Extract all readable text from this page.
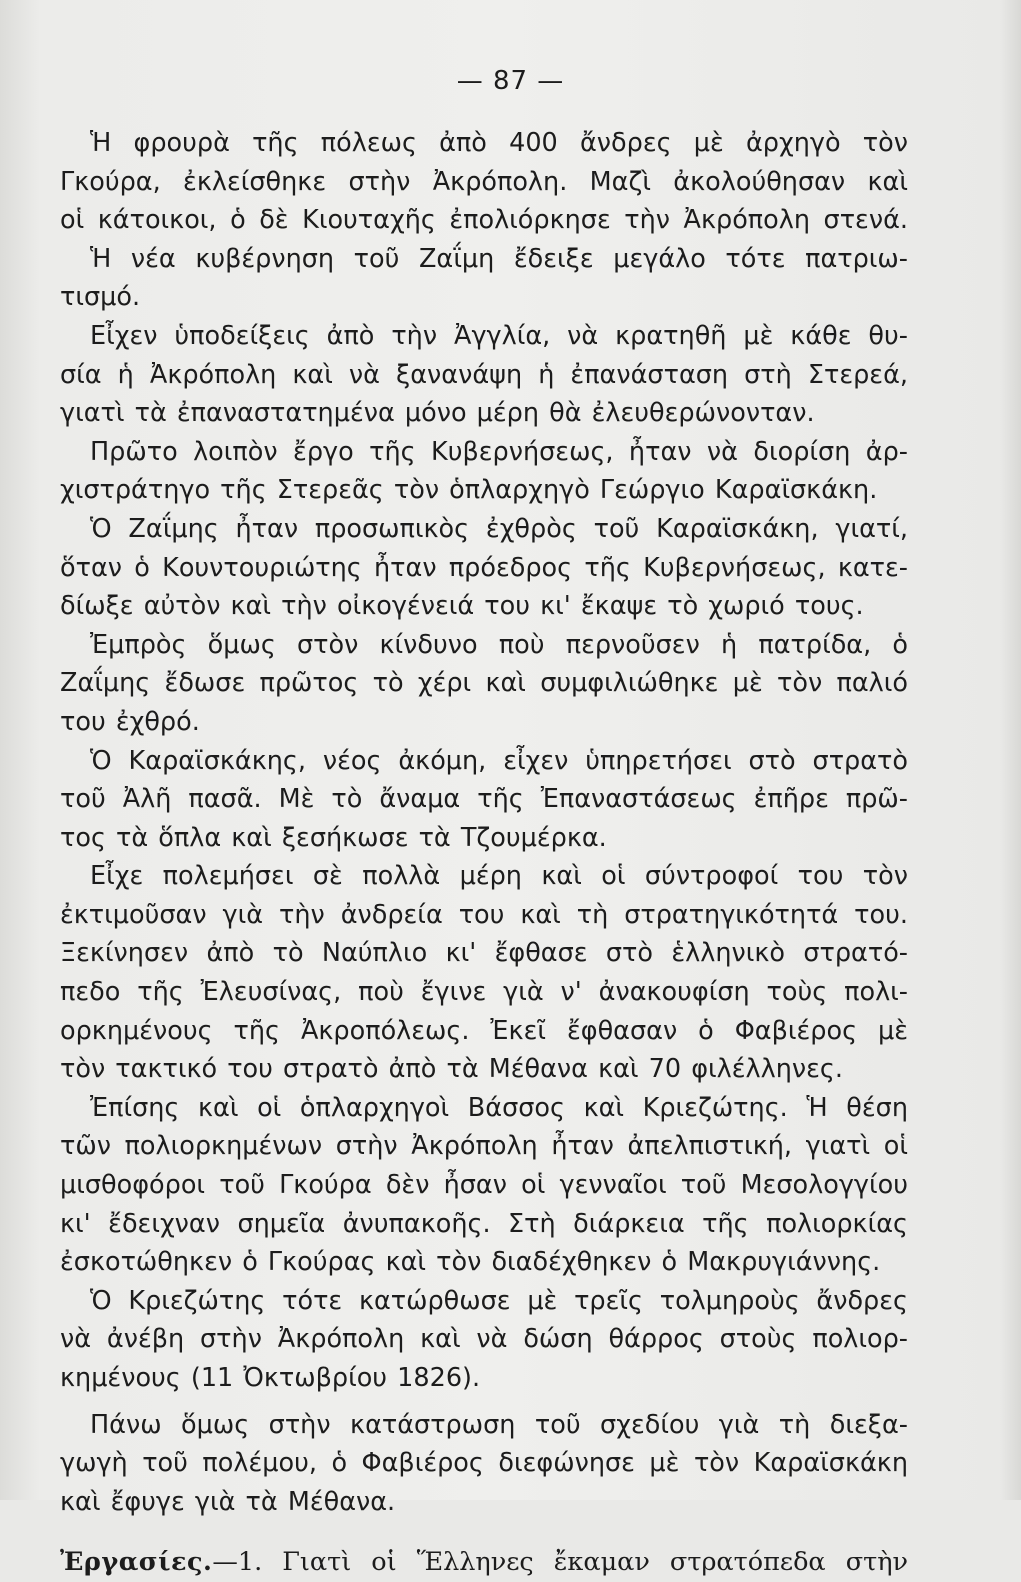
— 87 —
Ἡ φρουρὰ τῆς πόλεως ἀπὸ 400 ἄνδρες μὲ ἀρχηγὸ τὸν
Γκούρα, ἐκλείσθηκε στὴν Ἀκρόπολη. Μαζὶ ἀκολούθησαν καὶ
οἱ κάτοικοι, ὁ δὲ Κιουταχῆς ἐπολιόρκησε τὴν Ἀκρόπολη στενά.
Ἡ νέα κυβέρνηση τοῦ Ζαΐμη ἔδειξε μεγάλο τότε πατριω-
τισμό.
Εἶχεν ὑποδείξεις ἀπὸ τὴν Ἀγγλία, νὰ κρατηθῆ μὲ κάθε θυ-
σία ἡ Ἀκρόπολη καὶ νὰ ξανανάψη ἡ ἐπανάσταση στὴ Στερεά,
γιατὶ τὰ ἐπαναστατημένα μόνο μέρη θὰ ἐλευθερώνονταν.
Πρῶτο λοιπὸν ἔργο τῆς Κυβερνήσεως, ἦταν νὰ διορίση ἀρ-
χιστράτηγο τῆς Στερεᾶς τὸν ὁπλαρχηγὸ Γεώργιο Καραϊσκάκη.
Ὁ Ζαΐμης ἦταν προσωπικὸς ἐχθρὸς τοῦ Καραϊσκάκη, γιατί,
ὅταν ὁ Κουντουριώτης ἦταν πρόεδρος τῆς Κυβερνήσεως, κατε-
δίωξε αὐτὸν καὶ τὴν οἰκογένειά του κι' ἔκαψε τὸ χωριό τους.
Ἐμπρὸς ὅμως στὸν κίνδυνο ποὺ περνοῦσεν ἡ πατρίδα, ὁ
Ζαΐμης ἔδωσε πρῶτος τὸ χέρι καὶ συμφιλιώθηκε μὲ τὸν παλιό
του ἐχθρό.
Ὁ Καραϊσκάκης, νέος ἀκόμη, εἶχεν ὑπηρετήσει στὸ στρατὸ
τοῦ Ἀλῆ πασᾶ. Μὲ τὸ ἄναμα τῆς Ἐπαναστάσεως ἐπῆρε πρῶ-
τος τὰ ὅπλα καὶ ξεσήκωσε τὰ Τζουμέρκα.
Εἶχε πολεμήσει σὲ πολλὰ μέρη καὶ οἱ σύντροφοί του τὸν
ἐκτιμοῦσαν γιὰ τὴν ἀνδρεία του καὶ τὴ στρατηγικότητά του.
Ξεκίνησεν ἀπὸ τὸ Ναύπλιο κι' ἔφθασε στὸ ἑλληνικὸ στρατό-
πεδο τῆς Ἐλευσίνας, ποὺ ἔγινε γιὰ ν' ἀνακουφίση τοὺς πολι-
ορκημένους τῆς Ἀκροπόλεως. Ἐκεῖ ἔφθασαν ὁ Φαβιέρος μὲ
τὸν τακτικό του στρατὸ ἀπὸ τὰ Μέθανα καὶ 70 φιλέλληνες.
Ἐπίσης καὶ οἱ ὁπλαρχηγοὶ Βάσσος καὶ Κριεζώτης. Ἡ θέση
τῶν πολιορκημένων στὴν Ἀκρόπολη ἦταν ἀπελπιστική, γιατὶ οἱ
μισθοφόροι τοῦ Γκούρα δὲν ἦσαν οἱ γενναῖοι τοῦ Μεσολογγίου
κι' ἔδειχναν σημεῖα ἀνυπακοῆς. Στὴ διάρκεια τῆς πολιορκίας
ἐσκοτώθηκεν ὁ Γκούρας καὶ τὸν διαδέχθηκεν ὁ Μακρυγιάννης.
Ὁ Κριεζώτης τότε κατώρθωσε μὲ τρεῖς τολμηροὺς ἄνδρες
νὰ ἀνέβη στὴν Ἀκρόπολη καὶ νὰ δώση θάρρος στοὺς πολιορ-
κημένους (11 Ὀκτωβρίου 1826).
Πάνω ὅμως στὴν κατάστρωση τοῦ σχεδίου γιὰ τὴ διεξα-
γωγὴ τοῦ πολέμου, ὁ Φαβιέρος διεφώνησε μὲ τὸν Καραϊσκάκη
καὶ ἔφυγε γιὰ τὰ Μέθανα.
Ἐργασίες.—1. Γιατὶ οἱ Ἕλληνες ἔκαμαν στρατόπεδα στὴν
